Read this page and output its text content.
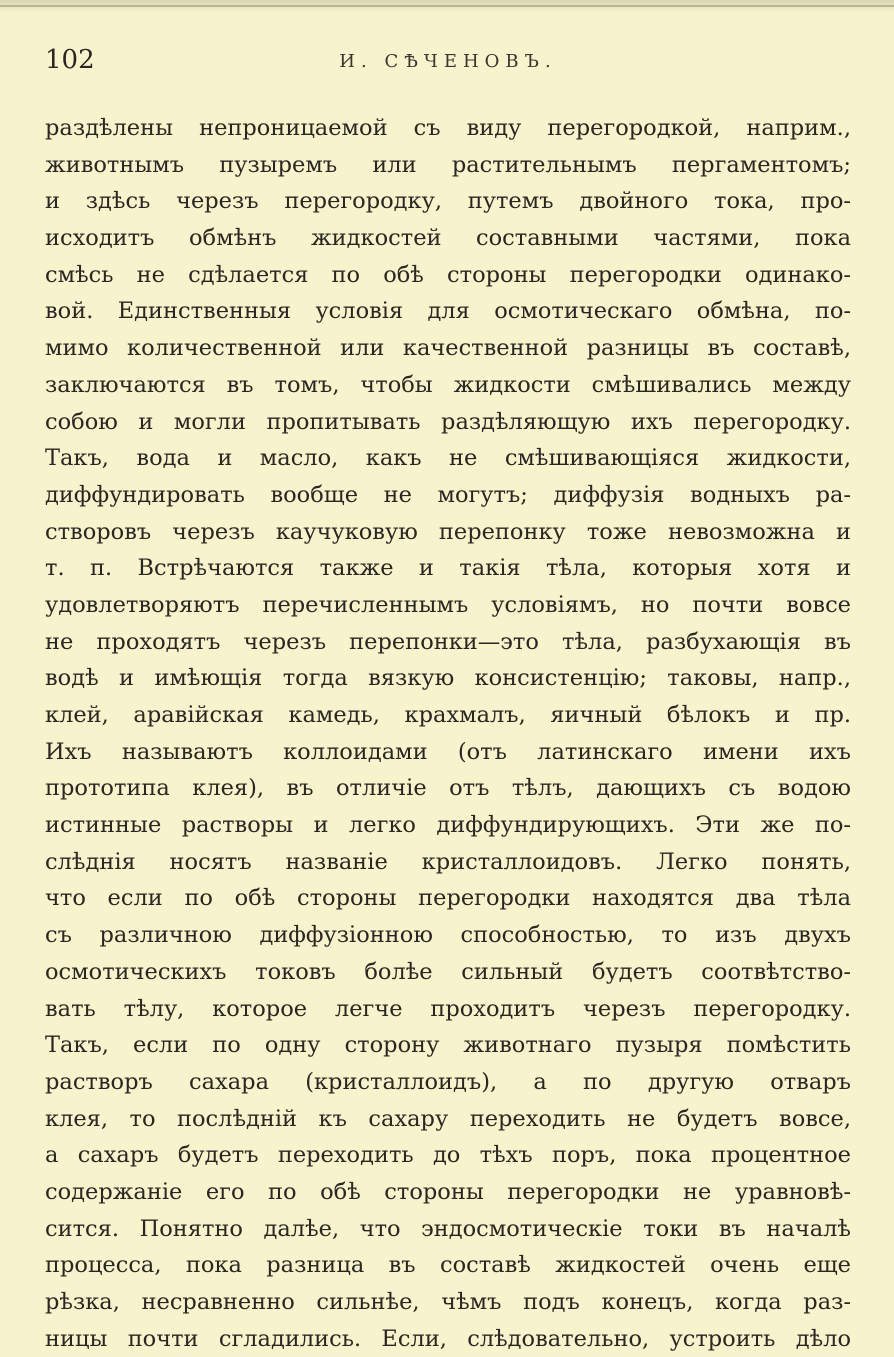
102	И. СѢЧЕНОВЪ.
раздѣлены непроницаемой съ виду перегородкой, наприм.,
животнымъ пузыремъ или растительнымъ пергаментомъ;
и здѣсь черезъ перегородку, путемъ двойного тока, про-
исходитъ обмѣнъ жидкостей составными частями, пока
смѣсь не сдѣлается по обѣ стороны перегородки одинако-
вой. Единственныя условія для осмотическаго обмѣна, по-
мимо количественной или качественной разницы въ составѣ,
заключаются въ томъ, чтобы жидкости смѣшивались между
собою и могли пропитывать раздѣляющую ихъ перегородку.
Такъ, вода и масло, какъ не смѣшивающіяся жидкости,
диффундировать вообще не могутъ; диффузія водныхъ ра-
створовъ черезъ каучуковую перепонку тоже невозможна и
т. п. Встрѣчаются также и такія тѣла, которыя хотя и
удовлетворяютъ перечисленнымъ условіямъ, но почти вовсе
не проходятъ черезъ перепонки—это тѣла, разбухающія въ
водѣ и имѣющія тогда вязкую консистенцію; таковы, напр.,
клей, аравійская камедь, крахмалъ, яичный бѣлокъ и пр.
Ихъ называютъ коллоидами (отъ латинскаго имени ихъ
прототипа клея), въ отличіе отъ тѣлъ, дающихъ съ водою
истинные растворы и легко диффундирующихъ. Эти же по-
слѣднія носятъ названіе кристаллоидовъ. Легко понять,
что если по обѣ стороны перегородки находятся два тѣла
съ различною диффузіонною способностью, то изъ двухъ
осмотическихъ токовъ болѣе сильный будетъ соотвѣтство-
вать тѣлу, которое легче проходитъ черезъ перегородку.
Такъ, если по одну сторону животнаго пузыря помѣстить
растворъ сахара (кристаллоидъ), а по другую отваръ
клея, то послѣдній къ сахару переходить не будетъ вовсе,
а сахаръ будетъ переходить до тѣхъ поръ, пока процентное
содержаніе его по обѣ стороны перегородки не уравновѣ-
сится. Понятно далѣе, что эндосмотическіе токи въ началѣ
процесса, пока разница въ составѣ жидкостей очень еще
рѣзка, несравненно сильнѣе, чѣмъ подъ конецъ, когда раз-
ницы почти сгладились. Если, слѣдовательно, устроить дѣло
